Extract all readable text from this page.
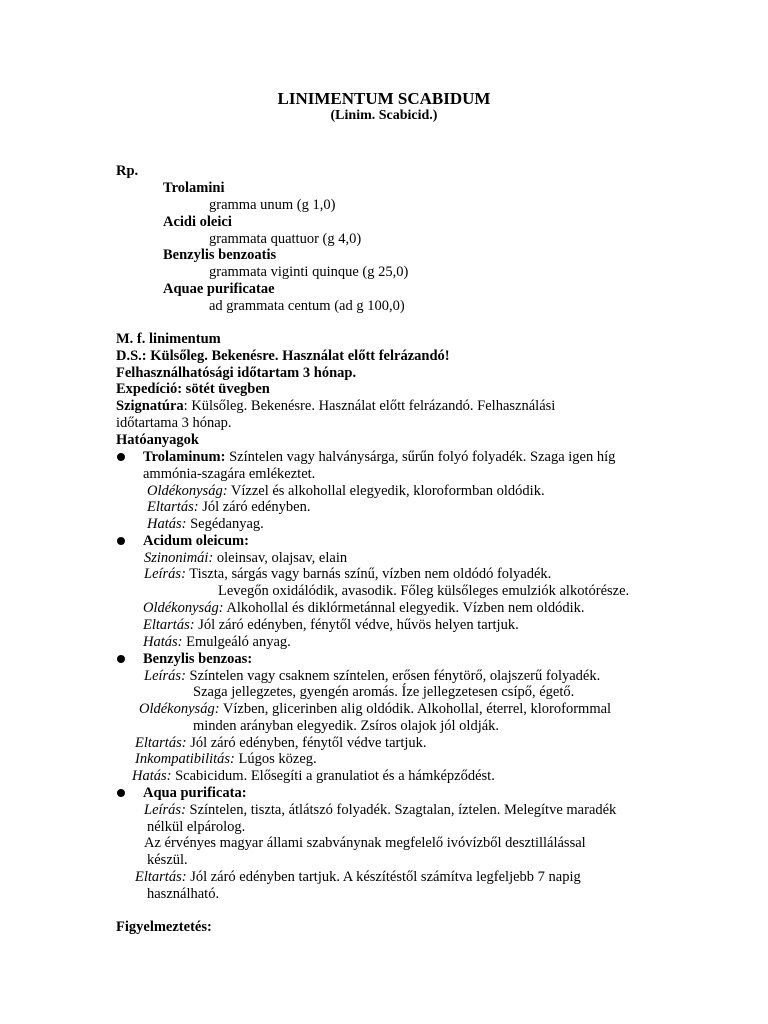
LINIMENTUM SCABIDUM
(Linim. Scabicid.)
Rp.
Trolamini
gramma unum (g 1,0)
Acidi oleici
grammata quattuor (g 4,0)
Benzylis benzoatis
grammata viginti quinque (g 25,0)
Aquae purificatae
ad grammata centum (ad g 100,0)
M. f. linimentum
D.S.: Külsőleg. Bekenésre. Használat előtt felrázandó!
Felhasználhatósági időtartam 3 hónap.
Expedíció: sötét üvegben
Szignatúra: Külsőleg. Bekenésre. Használat előtt felrázandó. Felhasználási
időtartama 3 hónap.
Hatóanyagok
Trolaminum: Színtelen vagy halványsárga, sűrűn folyó folyadék. Szaga igen híg
ammónia-szagára emlékeztet.
Oldékonyság: Vízzel és alkohollal elegyedik, kloroformban oldódik.
Eltartás: Jól záró edényben.
Hatás: Segédanyag.
Acidum oleicum:
Szinonimái: oleinsav, olajsav, elain
Leírás: Tiszta, sárgás vagy barnás színű, vízben nem oldódó folyadék.
Levegőn oxidálódik, avasodik. Főleg külsőleges emulziók alkotórésze.
Oldékonyság: Alkohollal és diklórmetánnal elegyedik. Vízben nem oldódik.
Eltartás: Jól záró edényben, fénytől védve, hűvös helyen tartjuk.
Hatás: Emulgeáló anyag.
Benzylis benzoas:
Leírás: Színtelen vagy csaknem színtelen, erősen fénytörő, olajszerű folyadék.
Szaga jellegzetes, gyengén aromás. Íze jellegzetesen csípő, égető.
Oldékonyság: Vízben, glicerinben alig oldódik. Alkohollal, éterrel, kloroformmal
minden arányban elegyedik. Zsíros olajok jól oldják.
Eltartás: Jól záró edényben, fénytől védve tartjuk.
Inkompatibilitás: Lúgos közeg.
Hatás: Scabicidum. Elősegíti a granulatiot és a hámképződést.
Aqua purificata:
Leírás: Színtelen, tiszta, átlátszó folyadék. Szagtalan, íztelen. Melegítve maradék
nélkül elpárolog.
Az érvényes magyar állami szabványnak megfelelő ivóvízből desztillálással
készül.
Eltartás: Jól záró edényben tartjuk. A készítéstől számítva legfeljebb 7 napig
használható.
Figyelmeztetés:
